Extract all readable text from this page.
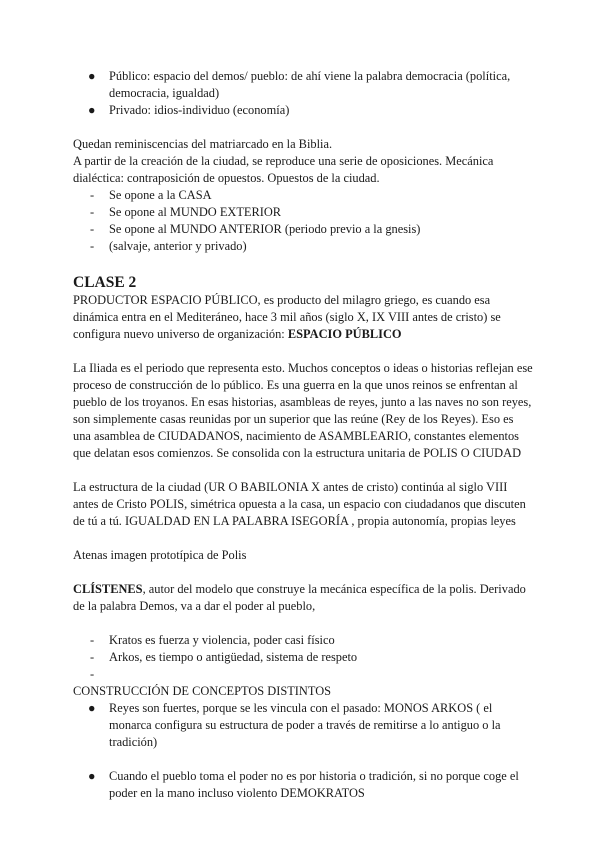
● Público: espacio del demos/ pueblo: de ahí viene la palabra democracia (política, democracia, igualdad)
● Privado: idios-individuo (economía)

Quedan reminiscencias del matriarcado en la Biblia.

A partir de la creación de la ciudad, se reproduce una serie de oposiciones. Mecánica dialéctica: contraposición de opuestos. Opuestos de la ciudad.

- Se opone a la CASA
- Se opone al MUNDO EXTERIOR
- Se opone al MUNDO ANTERIOR (periodo previo a la gnesis)
- (salvaje, anterior y privado)

CLASE 2

PRODUCTOR ESPACIO PÚBLICO, es producto del milagro griego, es cuando esa dinámica entra en el Mediteráneo, hace 3 mil años (siglo X, IX VIII antes de cristo) se configura nuevo universo de organización: ESPACIO PÚBLICO

La Iliada es el periodo que representa esto. Muchos conceptos o ideas o historias reflejan ese proceso de construcción de lo público. Es una guerra en la que unos reinos se enfrentan al pueblo de los troyanos. En esas historias, asambleas de reyes, junto a las naves no son reyes, son simplemente casas reunidas por un superior que las reúne (Rey de los Reyes). Eso es una asamblea de CIUDADANOS, nacimiento de ASAMBLEARIO, constantes elementos que delatan esos comienzos. Se consolida con la estructura unitaria de POLIS O CIUDAD

La estructura de la ciudad (UR O BABILONIA X antes de cristo) continúa al siglo VIII antes de Cristo POLIS, simétrica opuesta a la casa, un espacio con ciudadanos que discuten de tú a tú. IGUALDAD EN LA PALABRA ISEGORÍA , propia autonomía, propias leyes

Atenas imagen prototípica de Polis

CLÍSTENES, autor del modelo que construye la mecánica específica de la polis. Derivado de la palabra Demos, va a dar el poder al pueblo,

- Kratos es fuerza y violencia, poder casi físico
- Arkos, es tiempo o antigüedad, sistema de respeto
-

CONSTRUCCIÓN DE CONCEPTOS DISTINTOS

● Reyes son fuertes, porque se les vincula con el pasado: MONOS ARKOS ( el monarca configura su estructura de poder a través de remitirse a lo antiguo o la tradición)
● Cuando el pueblo toma el poder no es por historia o tradición, si no porque coge el poder en la mano incluso violento DEMOKRATOS
